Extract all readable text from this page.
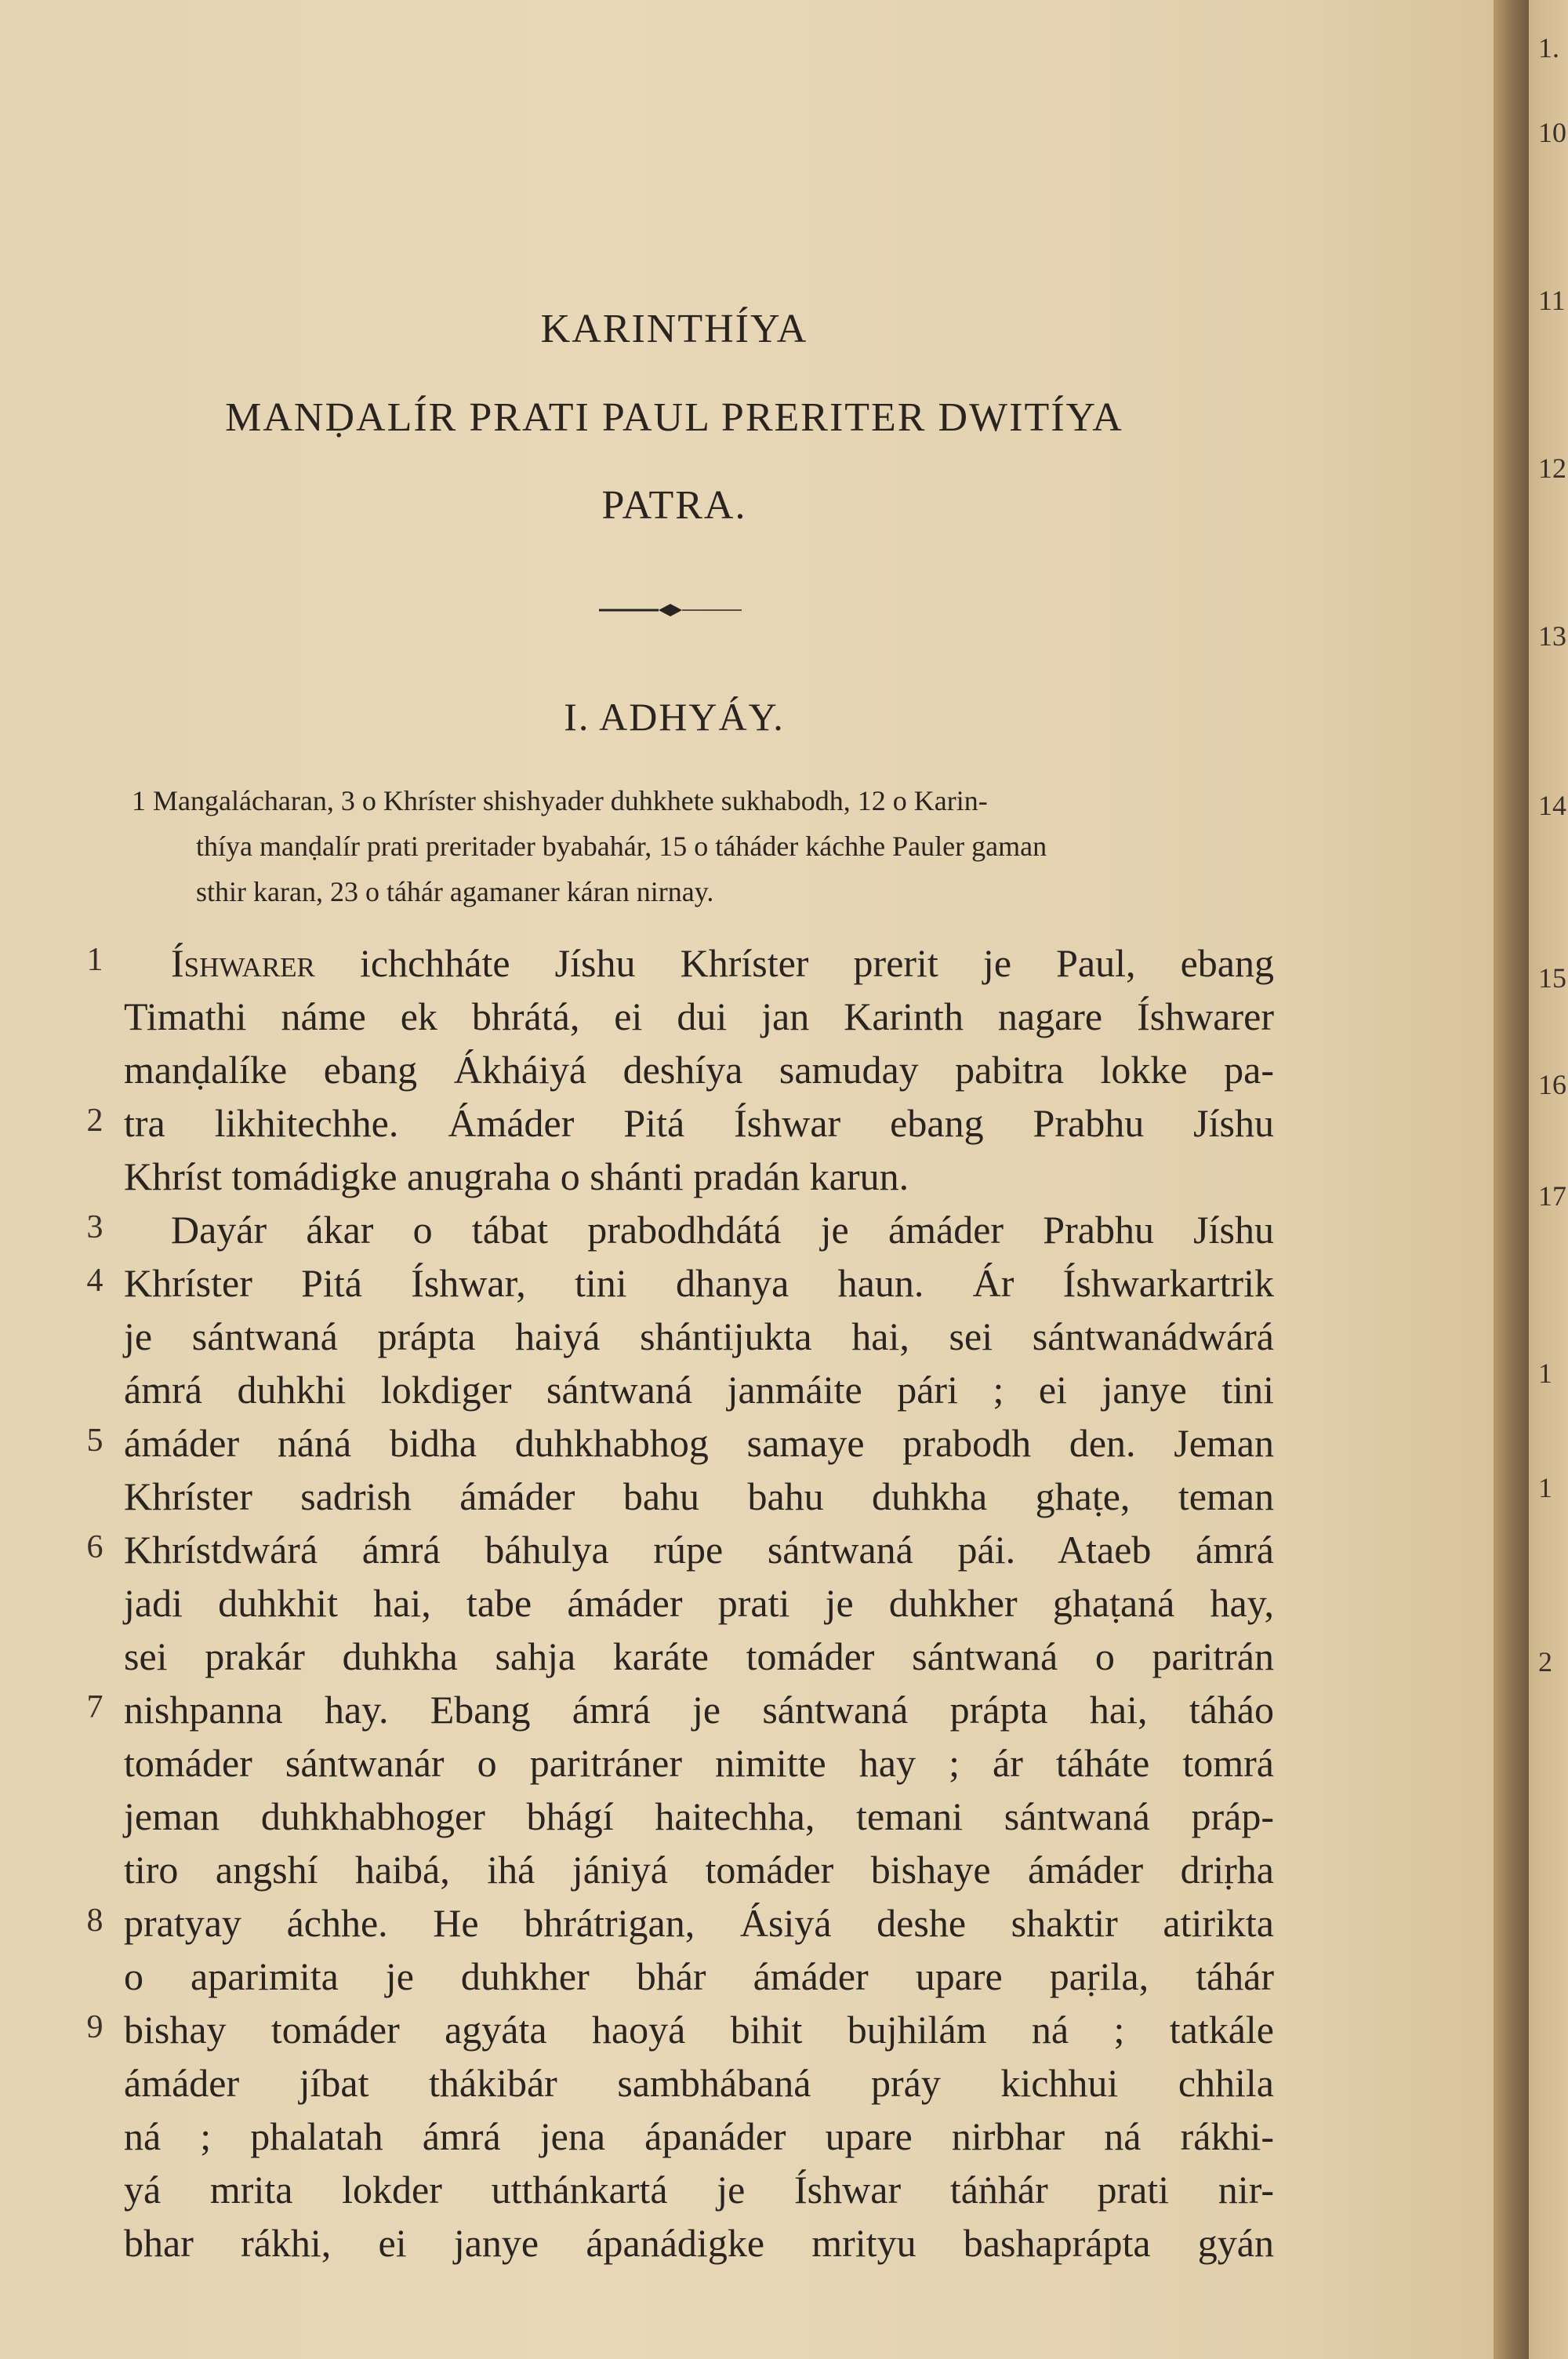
KARINTHÍYA
MANḌALÍR PRATI PAUL PRERITER DWITÍYA
PATRA.
I. ADHYÁY.
1 Mangalácharan, 3 o Khríster shishyader duhkhete sukhabodh, 12 o Karin-
thíya manḍalír prati preritader byabahár, 15 o táháder káchhe Pauler gaman
sthir karan, 23 o táhár agamaner káran nirnay.
1
2
3
4
5
6
7
8
9
Íshwarer ichchháte Jíshu Khríster prerit je Paul, ebang
Timathi náme ek bhrátá, ei dui jan Karinth nagare Íshwarer
manḍalíke ebang Ákháiyá deshíya samuday pabitra lokke pa-
tra likhitechhe. Ámáder Pitá Íshwar ebang Prabhu Jíshu
Khríst tomádigke anugraha o shánti pradán karun.
Dayár ákar o tábat prabodhdátá je ámáder Prabhu Jíshu
Khríster Pitá Íshwar, tini dhanya haun. Ár Íshwarkartrik
je sántwaná prápta haiyá shántijukta hai, sei sántwanádwárá
ámrá duhkhi lokdiger sántwaná janmáite pári ; ei janye tini
ámáder náná bidha duhkhabhog samaye prabodh den. Jeman
Khríster sadrish ámáder bahu bahu duhkha ghaṭe, teman
Khrístdwárá ámrá báhulya rúpe sántwaná pái. Ataeb ámrá
jadi duhkhit hai, tabe ámáder prati je duhkher ghaṭaná hay,
sei prakár duhkha sahja karáte tomáder sántwaná o paritrán
nishpanna hay. Ebang ámrá je sántwaná prápta hai, táháo
tomáder sántwanár o paritráner nimitte hay ; ár táháte tomrá
jeman duhkhabhoger bhágí haitechha, temani sántwaná práp-
tiro angshí haibá, ihá jániyá tomáder bishaye ámáder driṛha
pratyay áchhe. He bhrátrigan, Ásiyá deshe shaktir atirikta
o aparimita je duhkher bhár ámáder upare paṛila, táhár
bishay tomáder agyáta haoyá bihit bujhilám ná ; tatkále
ámáder jíbat thákibár sambhábaná práy kichhui chhila
ná ; phalatah ámrá jena ápanáder upare nirbhar ná rákhi-
yá mrita lokder utthánkartá je Íshwar táṅhár prati nir-
bhar rákhi, ei janye ápanádigke mrityu bashaprápta gyán
1.
10
11
12
13
14
15
16
17
1
1
2
